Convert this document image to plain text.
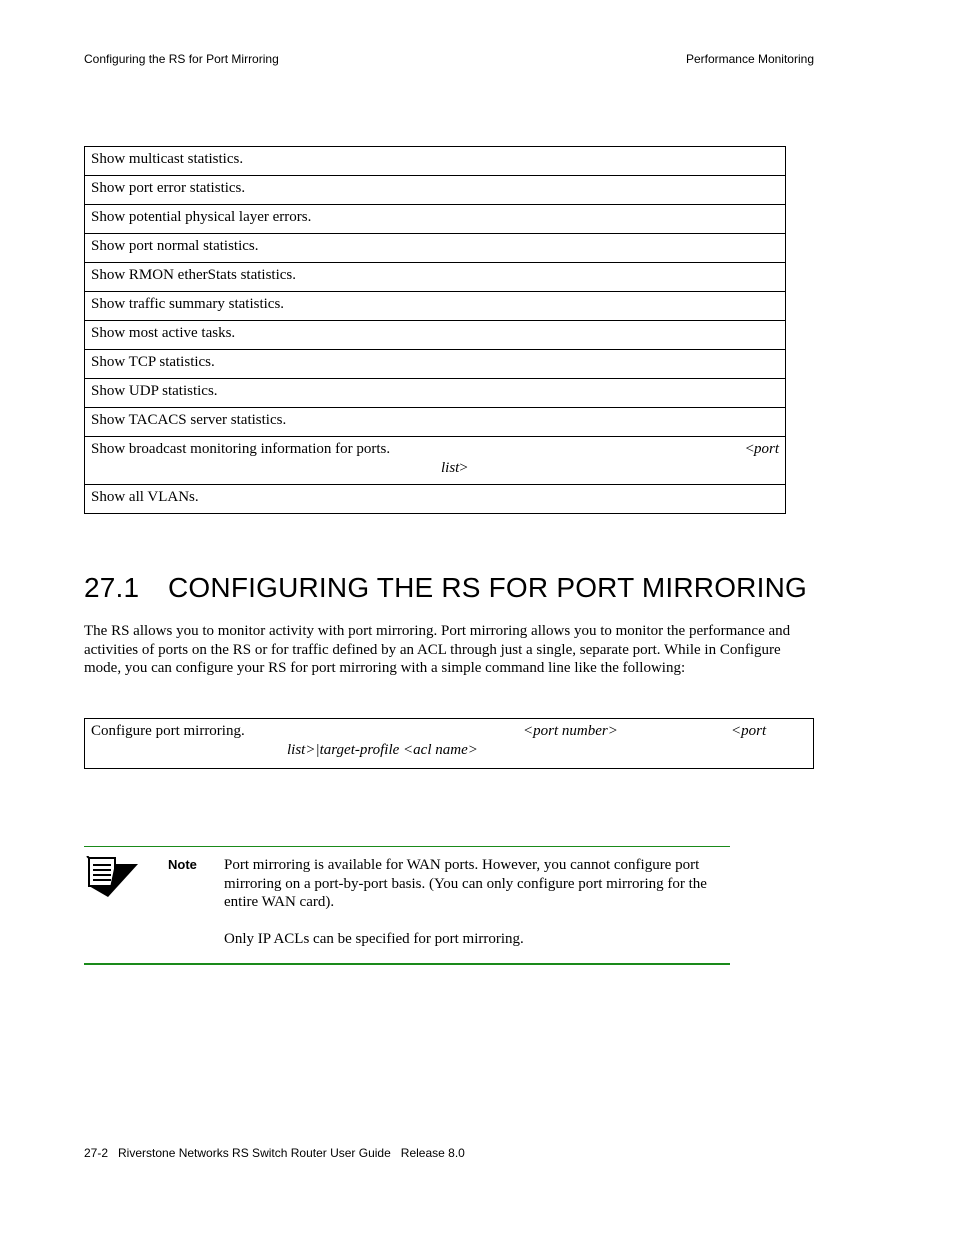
Configuring the RS for Port Mirroring	Performance Monitoring
Show multicast statistics.
Show port error statistics.
Show potential physical layer errors.
Show port normal statistics.
Show RMON etherStats statistics.
Show traffic summary statistics.
Show most active tasks.
Show TCP statistics.
Show UDP statistics.
Show TACACS server statistics.

Show broadcast monitoring information for ports.	<port
list>

Show all VLANs.
27.1 CONFIGURING THE RS FOR PORT MIRRORING

The RS allows you to monitor activity with port mirroring. Port mirroring allows you to monitor the performance and activities of ports on the RS or for traffic defined by an ACL through just a single, separate port. While in Configure mode, you can configure your RS for port mirroring with a simple command line like the following:

Configure port mirroring.	<port number>	<port
list>|target-profile <acl name>
Note Port mirroring is available for WAN ports. However, you cannot configure port mirroring on a port-by-port basis. (You can only configure port mirroring for the entire WAN card).

Only IP ACLs can be specified for port mirroring.

27-2   Riverstone Networks RS Switch Router User Guide   Release 8.0
